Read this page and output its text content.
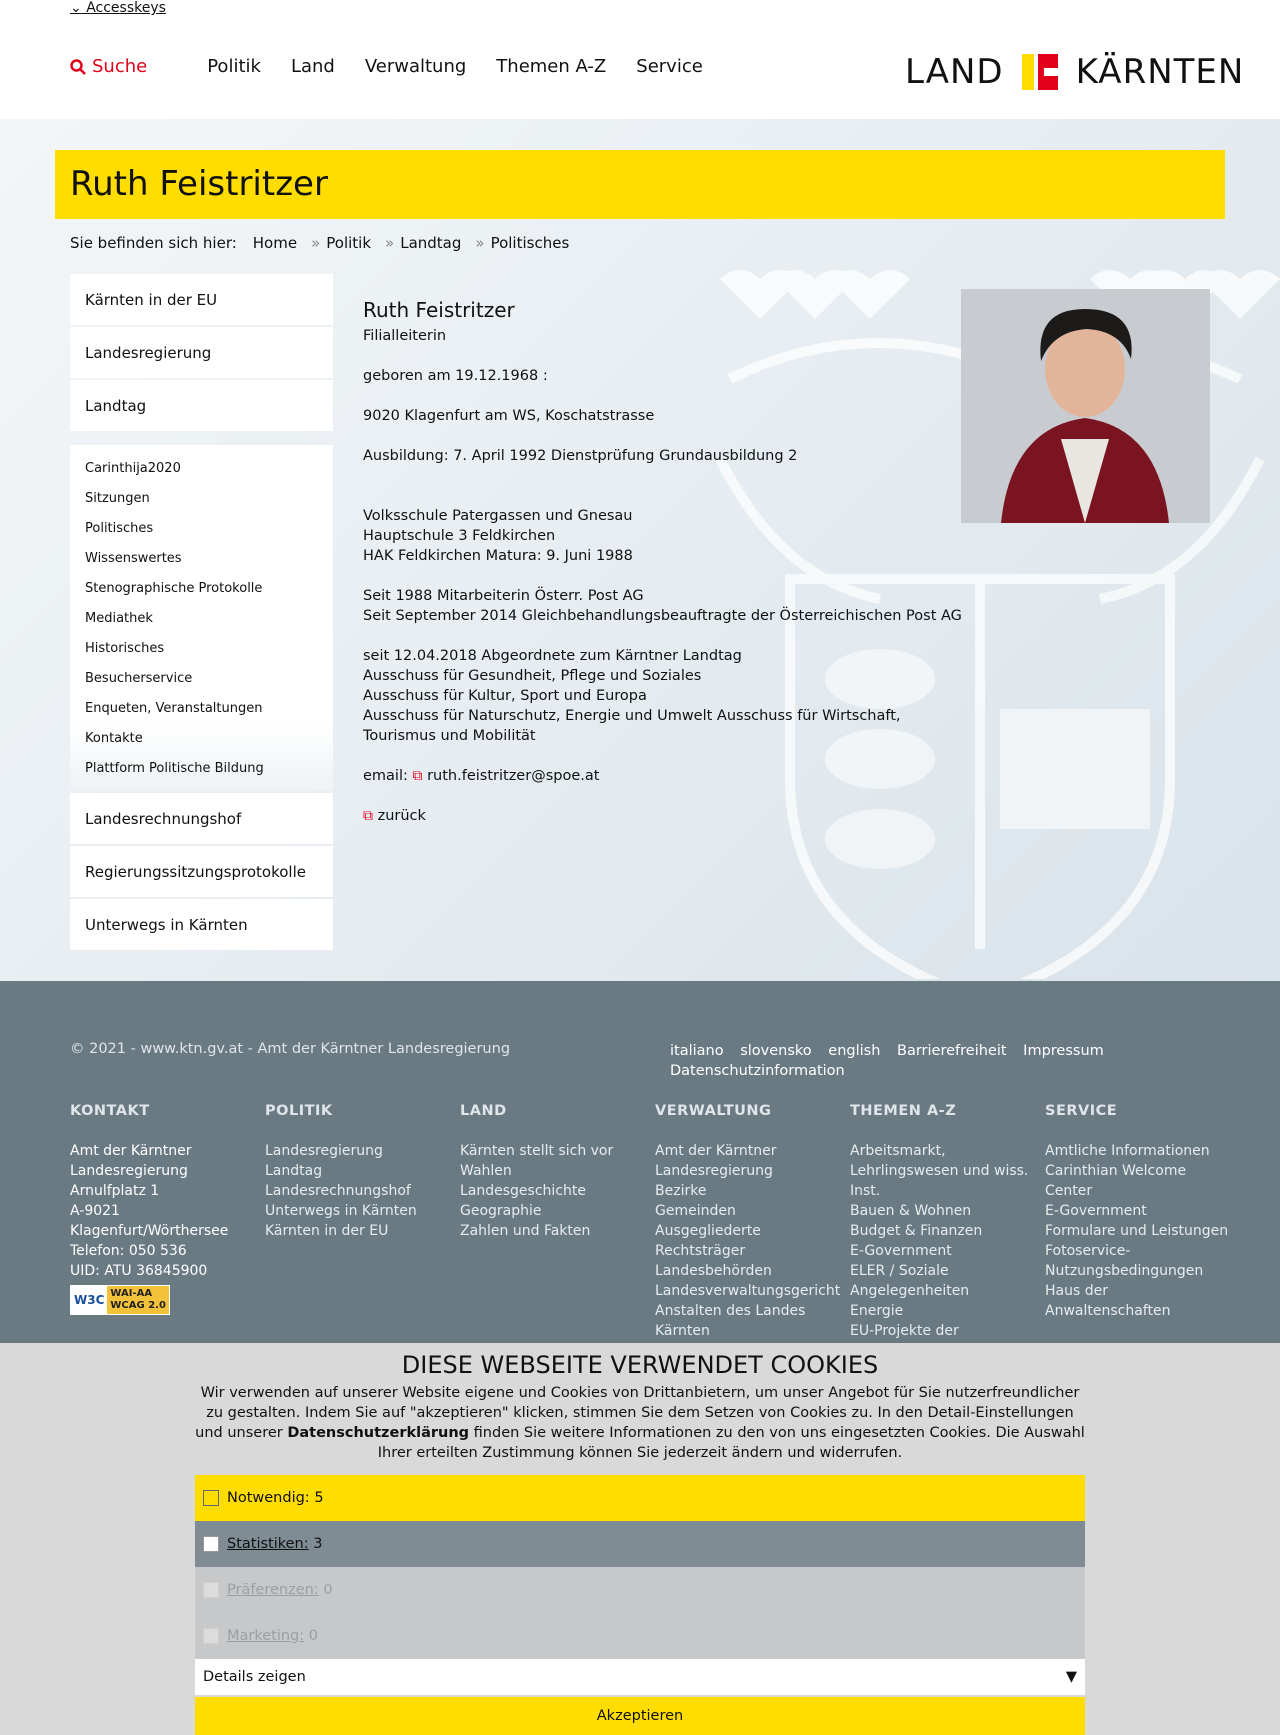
⌄ Accesskeys
Suche	Politik Land Verwaltung Themen A-Z Service	LAND KÄRNTEN
Ruth Feistritzer
Sie befinden sich hier: Home » Politik » Landtag » Politisches
Kärnten in der EU
Landesregierung
Landtag
Carinthija2020
Sitzungen
Politisches
Wissenswertes
Stenographische Protokolle
Mediathek
Historisches
Besucherservice
Enqueten, Veranstaltungen
Kontakte
Plattform Politische Bildung
Landesrechnungshof
Regierungssitzungsprotokolle
Unterwegs in Kärnten
Ruth Feistritzer

Filialleiterin

geboren am 19.12.1968 :

9020 Klagenfurt am WS, Koschatstrasse

Ausbildung: 7. April 1992 Dienstprüfung Grundausbildung 2

Volksschule Patergassen und Gnesau
Hauptschule 3 Feldkirchen
HAK Feldkirchen Matura: 9. Juni 1988

Seit 1988 Mitarbeiterin Österr. Post AG
Seit September 2014 Gleichbehandlungsbeauftragte der Österreichischen Post AG

seit 12.04.2018 Abgeordnete zum Kärntner Landtag
Ausschuss für Gesundheit, Pflege und Soziales
Ausschuss für Kultur, Sport und Europa
Ausschuss für Naturschutz, Energie und Umwelt Ausschuss für Wirtschaft, Tourismus und Mobilität

email: ⧉ ruth.feistritzer@spoe.at

⧉ zurück

© 2021 - www.ktn.gv.at - Amt der Kärntner Landesregierung	italiano slovensko english Barrierefreiheit Impressum
Datenschutzinformation
KONTAKT
Amt der Kärntner Landesregierung
Arnulfplatz 1
A-9021 Klagenfurt/Wörthersee
Telefon: 050 536
UID: ATU 36845900
W3C WAI-AA
WCAG 2.0
POLITIK
Landesregierung
Landtag
Landesrechnungshof
Unterwegs in Kärnten
Kärnten in der EU
LAND
Kärnten stellt sich vor
Wahlen
Landesgeschichte
Geographie
Zahlen und Fakten
VERWALTUNG
Amt der Kärntner Landesregierung
Bezirke
Gemeinden
Ausgegliederte Rechtsträger
Landesbehörden
Landesverwaltungsgericht
Anstalten des Landes Kärnten
THEMEN A-Z
Arbeitsmarkt, Lehrlingswesen und wiss. Inst.
Bauen & Wohnen
Budget & Finanzen
E-Government
ELER / Soziale Angelegenheiten
Energie
EU-Projekte der
SERVICE
Amtliche Informationen
Carinthian Welcome Center
E-Government
Formulare und Leistungen
Fotoservice-Nutzungsbedingungen
Haus der Anwaltenschaften
DIESE WEBSEITE VERWENDET COOKIES
Wir verwenden auf unserer Website eigene und Cookies von Drittanbietern, um unser Angebot für Sie nutzerfreundlicher zu gestalten. Indem Sie auf "akzeptieren" klicken, stimmen Sie dem Setzen von Cookies zu. In den Detail-Einstellungen und unserer Datenschutzerklärung finden Sie weitere Informationen zu den von uns eingesetzten Cookies. Die Auswahl Ihrer erteilten Zustimmung können Sie jederzeit ändern und widerrufen.
Notwendig:
5
Statistiken:
3
Präferenzen:
0
Marketing:
0
Details zeigen	▼
Akzeptieren
